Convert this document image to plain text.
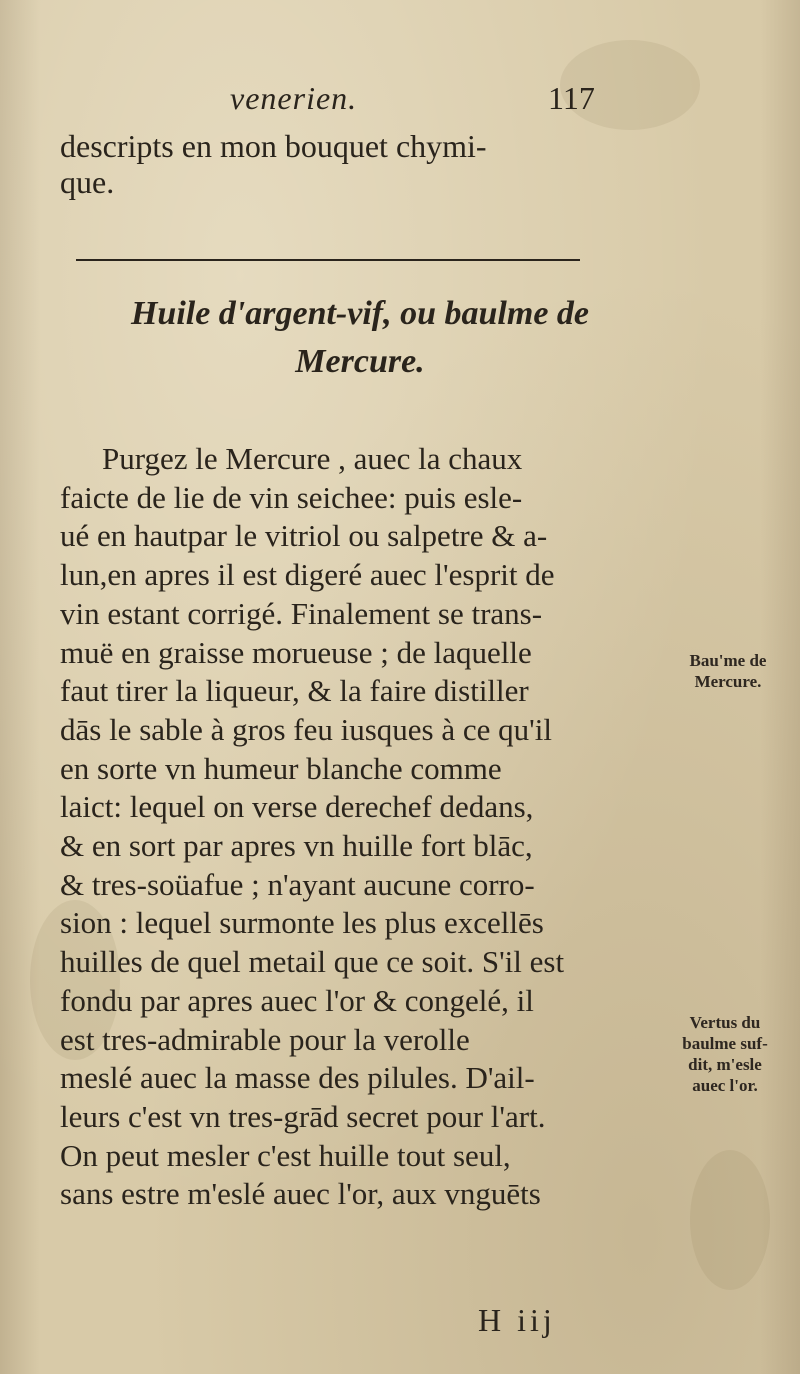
venerien.	117
descripts en mon bouquet chymi-
que.
Huile d'argent-vif, ou baulme de
Mercure.
Purgez le Mercure , auec la chaux
faicte de lie de vin seichee: puis esle-
ué en hautpar le vitriol ou salpetre & a-
lun,en apres il est digeré auec l'esprit de
vin estant corrigé. Finalement se trans-
muë en graisse morueuse ; de laquelle
faut tirer la liqueur, & la faire distiller
dās le sable à gros feu iusques à ce qu'il
en sorte vn humeur blanche comme
laict: lequel on verse derechef dedans,
& en sort par apres vn huille fort blāc,
& tres-soüafue ; n'ayant aucune corro-
sion : lequel surmonte les plus excellēs
huilles de quel metail que ce soit. S'il est
fondu par apres auec l'or & congelé, il
est tres-admirable pour la verolle
meslé auec la masse des pilules. D'ail-
leurs c'est vn tres-grād secret pour l'art.
On peut mesler c'est huille tout seul,
sans estre m'eslé auec l'or, aux vnguēts
Bau'me de
Mercure.
Vertus du
baulme suf-
dit, m'esle
auec l'or.
H iij
